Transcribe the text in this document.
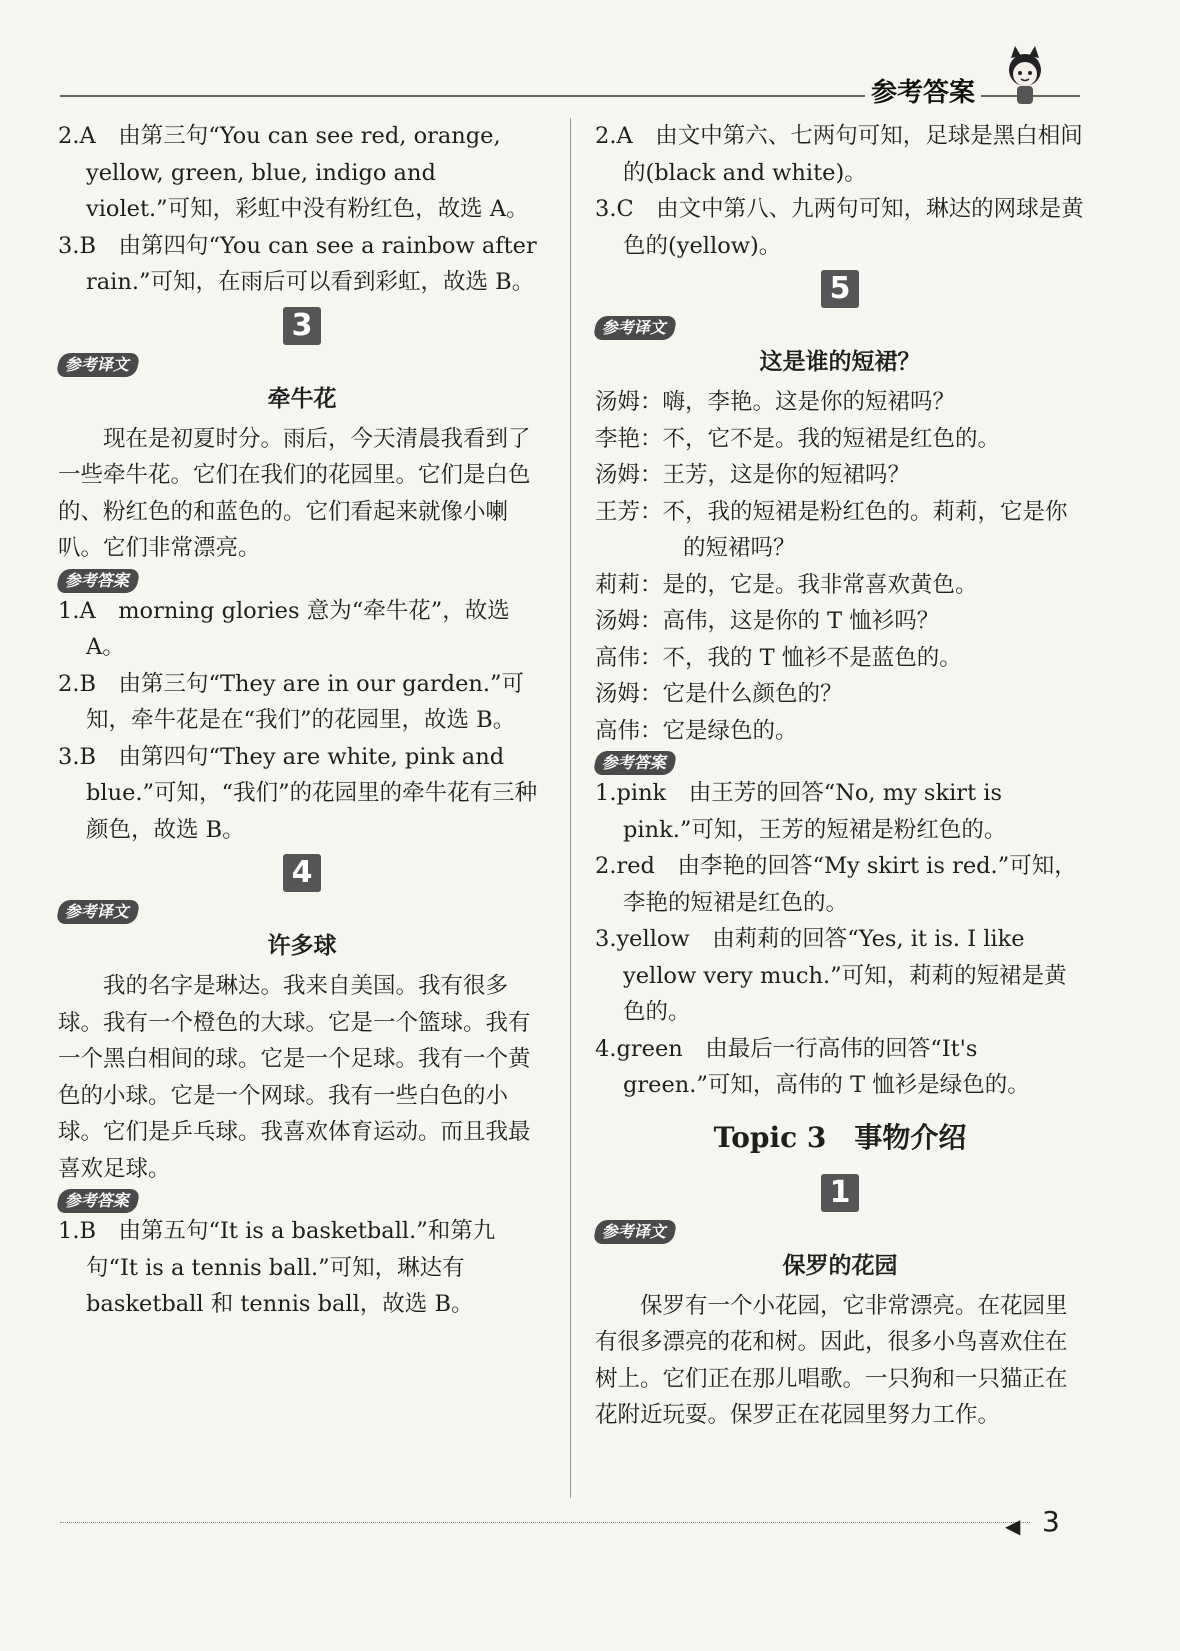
参考答案

2.A　由第三句“You can see red, orange, yellow, green, blue, indigo and violet.”可知，彩虹中没有粉红色，故选 A。

3.B　由第四句“You can see a rainbow after rain.”可知，在雨后可以看到彩虹，故选 B。

3
参考译文
牵牛花

现在是初夏时分。雨后，今天清晨我看到了一些牵牛花。它们在我们的花园里。它们是白色的、粉红色的和蓝色的。它们看起来就像小喇叭。它们非常漂亮。

参考答案

1.A　morning glories 意为“牵牛花”，故选 A。

2.B　由第三句“They are in our garden.”可知，牵牛花是在“我们”的花园里，故选 B。

3.B　由第四句“They are white, pink and blue.”可知，“我们”的花园里的牵牛花有三种颜色，故选 B。

4
参考译文
许多球

我的名字是琳达。我来自美国。我有很多球。我有一个橙色的大球。它是一个篮球。我有一个黑白相间的球。它是一个足球。我有一个黄色的小球。它是一个网球。我有一些白色的小球。它们是乒乓球。我喜欢体育运动。而且我最喜欢足球。

参考答案

1.B　由第五句“It is a basketball.”和第九句“It is a tennis ball.”可知，琳达有 basketball 和 tennis ball，故选 B。

2.A　由文中第六、七两句可知，足球是黑白相间的(black and white)。

3.C　由文中第八、九两句可知，琳达的网球是黄色的(yellow)。

5
参考译文
这是谁的短裙？

汤姆：嗨，李艳。这是你的短裙吗？

李艳：不，它不是。我的短裙是红色的。

汤姆：王芳，这是你的短裙吗？

王芳：不，我的短裙是粉红色的。莉莉，它是你的短裙吗？

莉莉：是的，它是。我非常喜欢黄色。

汤姆：高伟，这是你的 T 恤衫吗？

高伟：不，我的 T 恤衫不是蓝色的。

汤姆：它是什么颜色的？

高伟：它是绿色的。

参考答案

1.pink　由王芳的回答“No, my skirt is pink.”可知，王芳的短裙是粉红色的。

2.red　由李艳的回答“My skirt is red.”可知，李艳的短裙是红色的。

3.yellow　由莉莉的回答“Yes, it is. I like yellow very much.”可知，莉莉的短裙是黄色的。

4.green　由最后一行高伟的回答“It's green.”可知，高伟的 T 恤衫是绿色的。

Topic 3　事物介绍
1
参考译文
保罗的花园

保罗有一个小花园，它非常漂亮。在花园里有很多漂亮的花和树。因此，很多小鸟喜欢住在树上。它们正在那儿唱歌。一只狗和一只猫正在花附近玩耍。保罗正在花园里努力工作。

◀ 3
